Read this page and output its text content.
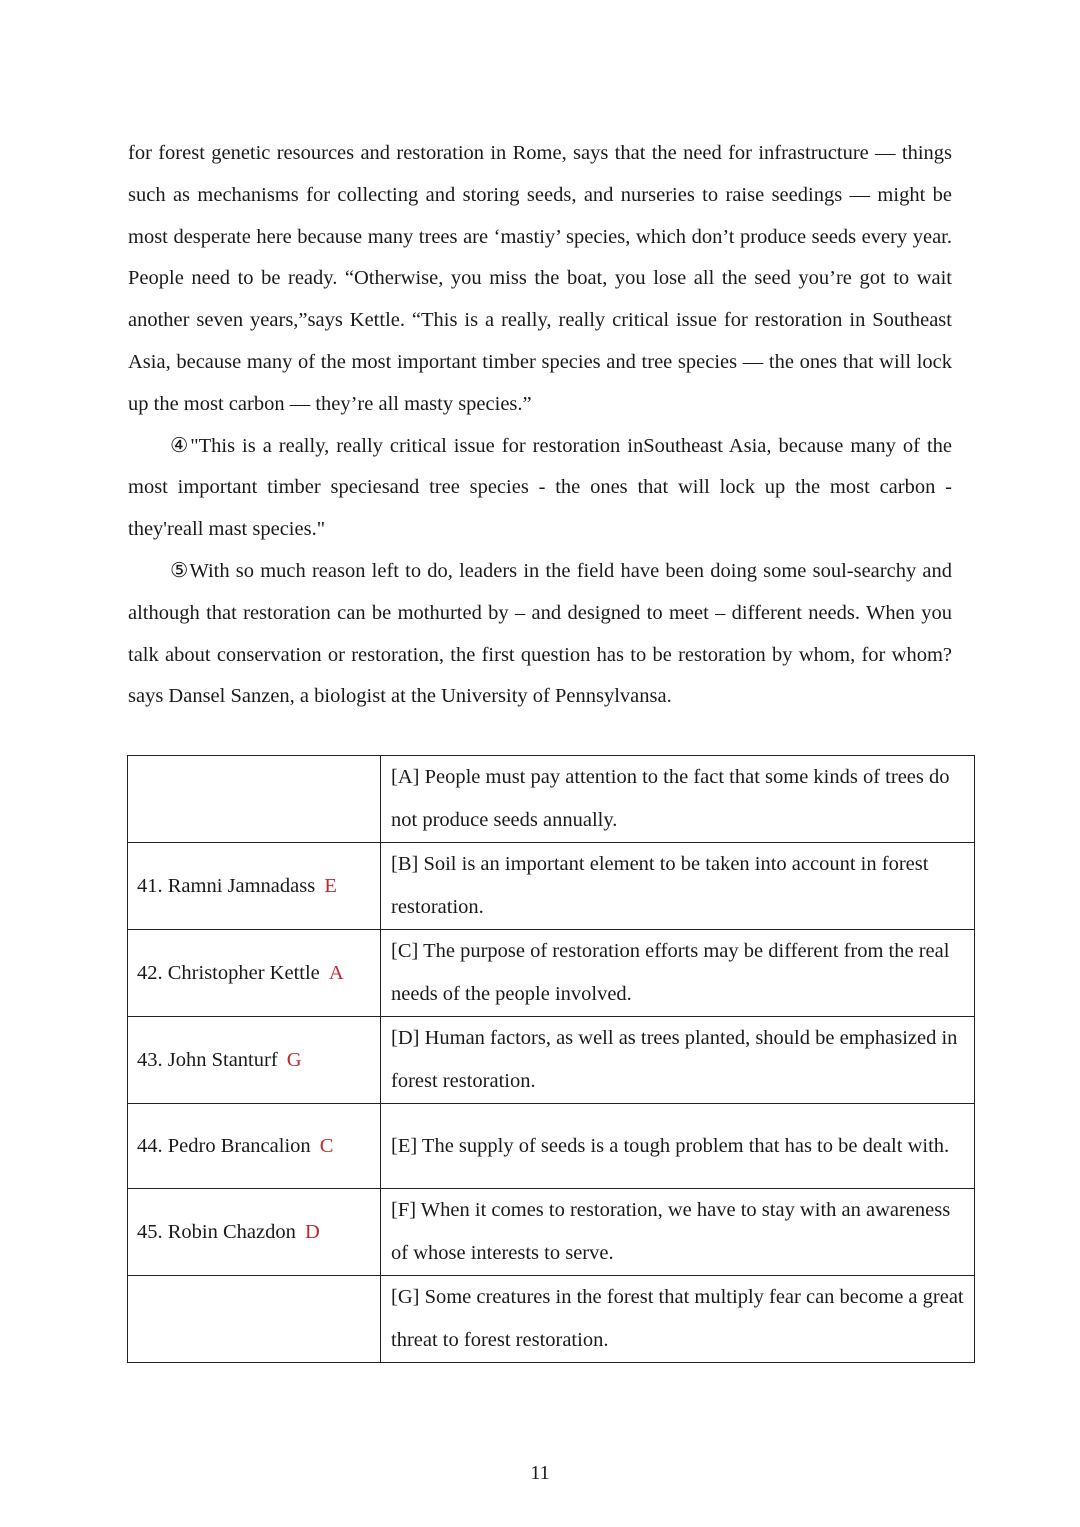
for forest genetic resources and restoration in Rome, says that the need for infrastructure — things such as mechanisms for collecting and storing seeds, and nurseries to raise seedings — might be most desperate here because many trees are ‘mastiy’ species, which don’t produce seeds every year. People need to be ready. “Otherwise, you miss the boat, you lose all the seed you’re got to wait another seven years,”says Kettle. “This is a really, really critical issue for restoration in Southeast Asia, because many of the most important timber species and tree species — the ones that will lock up the most carbon — they’re all masty species.”

④"This is a really, really critical issue for restoration inSoutheast Asia, because many of the most important timber speciesand tree species - the ones that will lock up the most carbon - they'reall mast species."

⑤With so much reason left to do, leaders in the field have been doing some soul-searchy and although that restoration can be mothurted by – and designed to meet – different needs. When you talk about conservation or restoration, the first question has to be restoration by whom, for whom? says Dansel Sanzen, a biologist at the University of Pennsylvansa.

	[A] People must pay attention to the fact that some kinds of trees do not produce seeds annually.

41. Ramni Jamnadass E	[B] Soil is an important element to be taken into account in forest restoration.

42. Christopher Kettle A	[C] The purpose of restoration efforts may be different from the real needs of the people involved.

43. John Stanturf G	[D] Human factors, as well as trees planted, should be emphasized in forest restoration.

44. Pedro Brancalion C	[E] The supply of seeds is a tough problem that has to be dealt with.

45. Robin Chazdon D	[F] When it comes to restoration, we have to stay with an awareness of whose interests to serve.

	[G] Some creatures in the forest that multiply fear can become a great threat to forest restoration.
11
